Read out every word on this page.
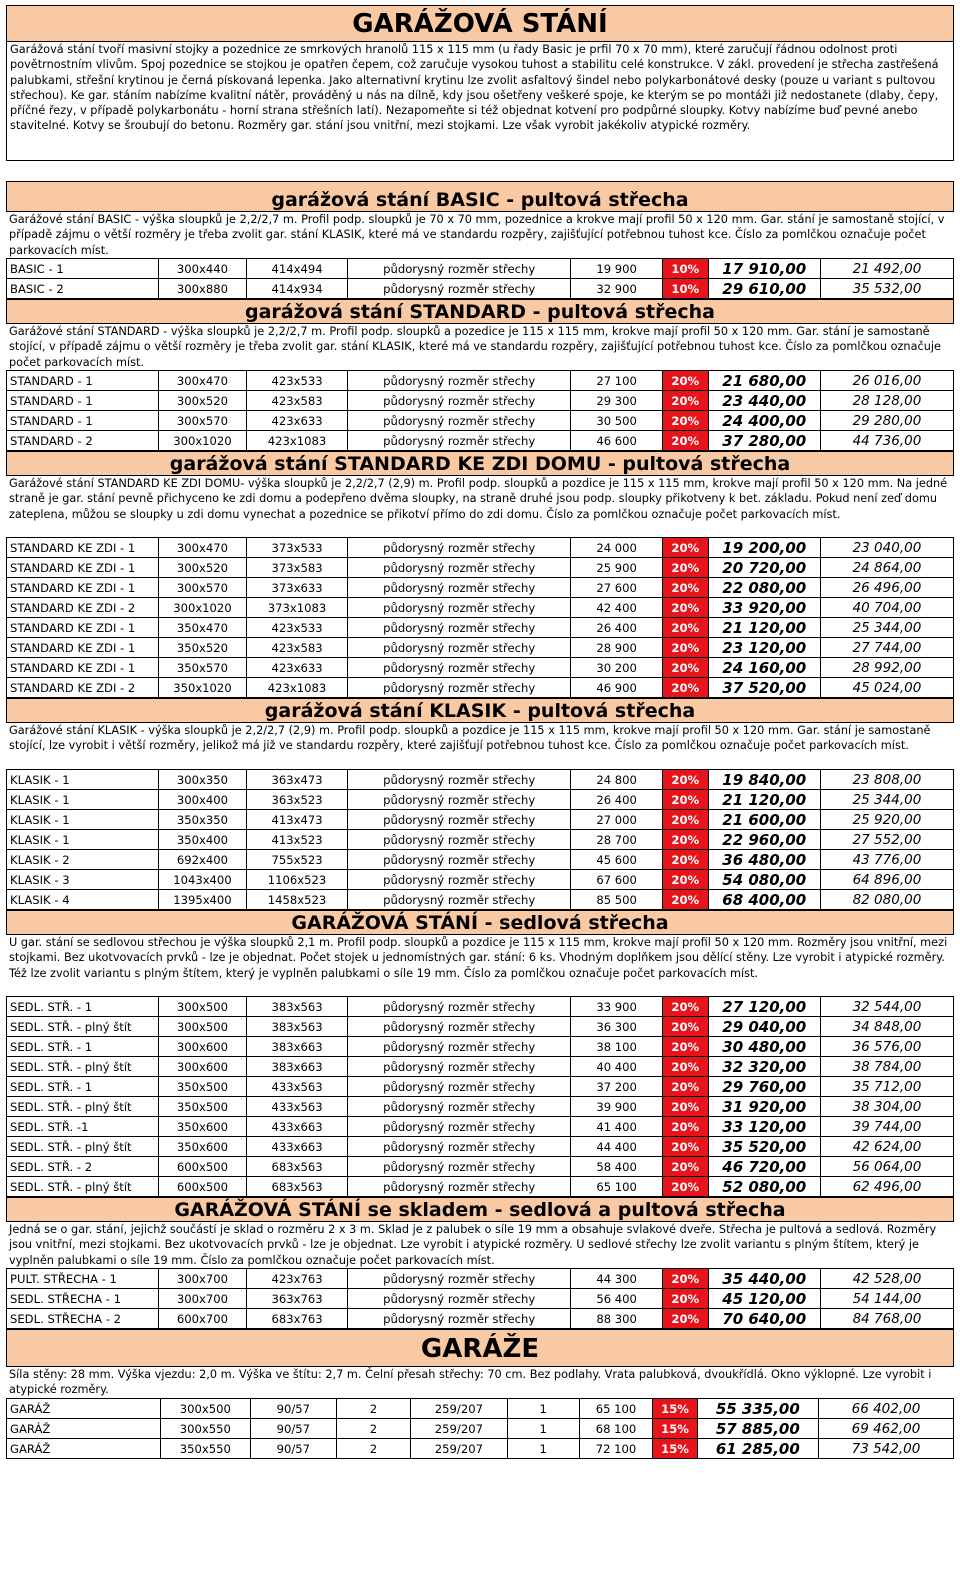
GARÁŽOVÁ STÁNÍ
Garážová stání tvoří masivní stojky a pozednice ze smrkových hranolů 115 x 115 mm (u řady Basic je prfil 70 x 70 mm), které zaručují řádnou odolnost proti povětrnostním vlivům. Spoj pozednice se stojkou je opatřen čepem, což zaručuje vysokou tuhost a stabilitu celé konstrukce. V zákl. provedení je střecha zastřešená palubkami, střešní krytinou je černá pískovaná lepenka. Jako alternativní krytinu lze zvolit asfaltový šindel nebo polykarbonátové desky (pouze u variant s pultovou střechou). Ke gar. stáním nabízíme kvalitní nátěr, prováděný u nás na dílně, kdy jsou ošetřeny veškeré spoje, ke kterým se po montáži již nedostanete (dlaby, čepy, příčné řezy, v případě polykarbonátu - horní strana střešních latí). Nezapomeňte si též objednat kotvení pro podpůrné sloupky. Kotvy nabízíme buď pevné anebo stavitelné. Kotvy se šroubují do betonu. Rozměry gar. stání jsou vnitřní, mezi stojkami. Lze však vyrobit jakékoliv atypické rozměry.
garážová stání BASIC - pultová střecha
Garážové stání BASIC - výška sloupků je 2,2/2,7 m. Profil podp. sloupků je 70 x 70 mm, pozednice a krokve mají profil 50 x 120 mm. Gar. stání je samostaně stojící, v případě zájmu o větší rozměry je třeba zvolit gar. stání KLASIK, které má ve standardu rozpěry, zajišťující potřebnou tuhost kce. Číslo za pomlčkou označuje počet parkovacích míst.
BASIC - 1	300x440	414x494	půdorysný rozměr střechy	19 900	10%	17 910,00	21 492,00
BASIC - 2	300x880	414x934	půdorysný rozměr střechy	32 900	10%	29 610,00	35 532,00
garážová stání STANDARD - pultová střecha
Garážové stání STANDARD - výška sloupků je 2,2/2,7 m. Profil podp. sloupků a pozedice je 115 x 115 mm, krokve mají profil 50 x 120 mm. Gar. stání je samostaně stojící, v případě zájmu o větší rozměry je třeba zvolit gar. stání KLASIK, které má ve standardu rozpěry, zajišťující potřebnou tuhost kce. Číslo za pomlčkou označuje počet parkovacích míst.
STANDARD - 1	300x470	423x533	půdorysný rozměr střechy	27 100	20%	21 680,00	26 016,00
STANDARD - 1	300x520	423x583	půdorysný rozměr střechy	29 300	20%	23 440,00	28 128,00
STANDARD - 1	300x570	423x633	půdorysný rozměr střechy	30 500	20%	24 400,00	29 280,00
STANDARD - 2	300x1020	423x1083	půdorysný rozměr střechy	46 600	20%	37 280,00	44 736,00
garážová stání STANDARD KE ZDI DOMU - pultová střecha
Garážové stání STANDARD KE ZDI DOMU- výška sloupků je 2,2/2,7 (2,9) m. Profil podp. sloupků a pozdice je 115 x 115 mm, krokve mají profil 50 x 120 mm. Na jedné straně je gar. stání pevně přichyceno ke zdi domu a podepřeno dvěma sloupky, na straně druhé jsou podp. sloupky přikotveny k bet. základu. Pokud není zeď domu zateplena, můžou se sloupky u zdi domu vynechat a pozednice se přikotví přímo do zdi domu. Číslo za pomlčkou označuje počet parkovacích míst.
STANDARD KE ZDI - 1	300x470	373x533	půdorysný rozměr střechy	24 000	20%	19 200,00	23 040,00
STANDARD KE ZDI - 1	300x520	373x583	půdorysný rozměr střechy	25 900	20%	20 720,00	24 864,00
STANDARD KE ZDI - 1	300x570	373x633	půdorysný rozměr střechy	27 600	20%	22 080,00	26 496,00
STANDARD KE ZDI - 2	300x1020	373x1083	půdorysný rozměr střechy	42 400	20%	33 920,00	40 704,00
STANDARD KE ZDI - 1	350x470	423x533	půdorysný rozměr střechy	26 400	20%	21 120,00	25 344,00
STANDARD KE ZDI - 1	350x520	423x583	půdorysný rozměr střechy	28 900	20%	23 120,00	27 744,00
STANDARD KE ZDI - 1	350x570	423x633	půdorysný rozměr střechy	30 200	20%	24 160,00	28 992,00
STANDARD KE ZDI - 2	350x1020	423x1083	půdorysný rozměr střechy	46 900	20%	37 520,00	45 024,00
garážová stání KLASIK - pultová střecha
Garážové stání KLASIK - výška sloupků je 2,2/2,7 (2,9) m. Profil podp. sloupků a pozdice je 115 x 115 mm, krokve mají profil 50 x 120 mm. Gar. stání je samostaně stojící, lze vyrobit i větší rozměry, jelikož má již ve standardu rozpěry, které zajišťují potřebnou tuhost kce. Číslo za pomlčkou označuje počet parkovacích míst.
KLASIK - 1	300x350	363x473	půdorysný rozměr střechy	24 800	20%	19 840,00	23 808,00
KLASIK - 1	300x400	363x523	půdorysný rozměr střechy	26 400	20%	21 120,00	25 344,00
KLASIK - 1	350x350	413x473	půdorysný rozměr střechy	27 000	20%	21 600,00	25 920,00
KLASIK - 1	350x400	413x523	půdorysný rozměr střechy	28 700	20%	22 960,00	27 552,00
KLASIK - 2	692x400	755x523	půdorysný rozměr střechy	45 600	20%	36 480,00	43 776,00
KLASIK - 3	1043x400	1106x523	půdorysný rozměr střechy	67 600	20%	54 080,00	64 896,00
KLASIK - 4	1395x400	1458x523	půdorysný rozměr střechy	85 500	20%	68 400,00	82 080,00
GARÁŽOVÁ STÁNÍ - sedlová střecha
U gar. stání se sedlovou střechou je výška sloupků 2,1 m. Profil podp. sloupků a pozdice je 115 x 115 mm, krokve mají profil 50 x 120 mm. Rozměry jsou vnitřní, mezi stojkami. Bez ukotvovacích prvků - lze je objednat. Počet stojek u jednomístných gar. stání: 6 ks. Vhodným doplňkem jsou dělící stěny. Lze vyrobit i atypické rozměry. Též lze zvolit variantu s plným štítem, který je vyplněn palubkami o síle 19 mm. Číslo za pomlčkou označuje počet parkovacích míst.
SEDL. STŘ. - 1	300x500	383x563	půdorysný rozměr střechy	33 900	20%	27 120,00	32 544,00
SEDL. STŘ. - plný štít	300x500	383x563	půdorysný rozměr střechy	36 300	20%	29 040,00	34 848,00
SEDL. STŘ. - 1	300x600	383x663	půdorysný rozměr střechy	38 100	20%	30 480,00	36 576,00
SEDL. STŘ. - plný štít	300x600	383x663	půdorysný rozměr střechy	40 400	20%	32 320,00	38 784,00
SEDL. STŘ. - 1	350x500	433x563	půdorysný rozměr střechy	37 200	20%	29 760,00	35 712,00
SEDL. STŘ. - plný štít	350x500	433x563	půdorysný rozměr střechy	39 900	20%	31 920,00	38 304,00
SEDL. STŘ. -1	350x600	433x663	půdorysný rozměr střechy	41 400	20%	33 120,00	39 744,00
SEDL. STŘ. - plný štít	350x600	433x663	půdorysný rozměr střechy	44 400	20%	35 520,00	42 624,00
SEDL. STŘ. - 2	600x500	683x563	půdorysný rozměr střechy	58 400	20%	46 720,00	56 064,00
SEDL. STŘ. - plný štít	600x500	683x563	půdorysný rozměr střechy	65 100	20%	52 080,00	62 496,00
GARÁŽOVÁ STÁNÍ se skladem - sedlová a pultová střecha
Jedná se o gar. stání, jejichž součástí je sklad o rozměru 2 x 3 m. Sklad je z palubek o síle 19 mm a obsahuje svlakové dveře. Střecha je pultová a sedlová. Rozměry jsou vnitřní, mezi stojkami. Bez ukotvovacích prvků - lze je objednat. Lze vyrobit i atypické rozměry. U sedlové střechy lze zvolit variantu s plným štítem, který je vyplněn palubkami o síle 19 mm. Číslo za pomlčkou označuje počet parkovacích míst.
PULT. STŘECHA - 1	300x700	423x763	půdorysný rozměr střechy	44 300	20%	35 440,00	42 528,00
SEDL. STŘECHA - 1	300x700	363x763	půdorysný rozměr střechy	56 400	20%	45 120,00	54 144,00
SEDL. STŘECHA - 2	600x700	683x763	půdorysný rozměr střechy	88 300	20%	70 640,00	84 768,00
GARÁŽE
Síla stěny: 28 mm. Výška vjezdu: 2,0 m. Výška ve štítu: 2,7 m. Čelní přesah střechy: 70 cm. Bez podlahy. Vrata palubková, dvoukřídlá. Okno výklopné. Lze vyrobit i atypické rozměry.
GARÁŽ	300x500	90/57	2	259/207	1	65 100	15%	55 335,00	66 402,00
GARÁŽ	300x550	90/57	2	259/207	1	68 100	15%	57 885,00	69 462,00
GARÁŽ	350x550	90/57	2	259/207	1	72 100	15%	61 285,00	73 542,00
